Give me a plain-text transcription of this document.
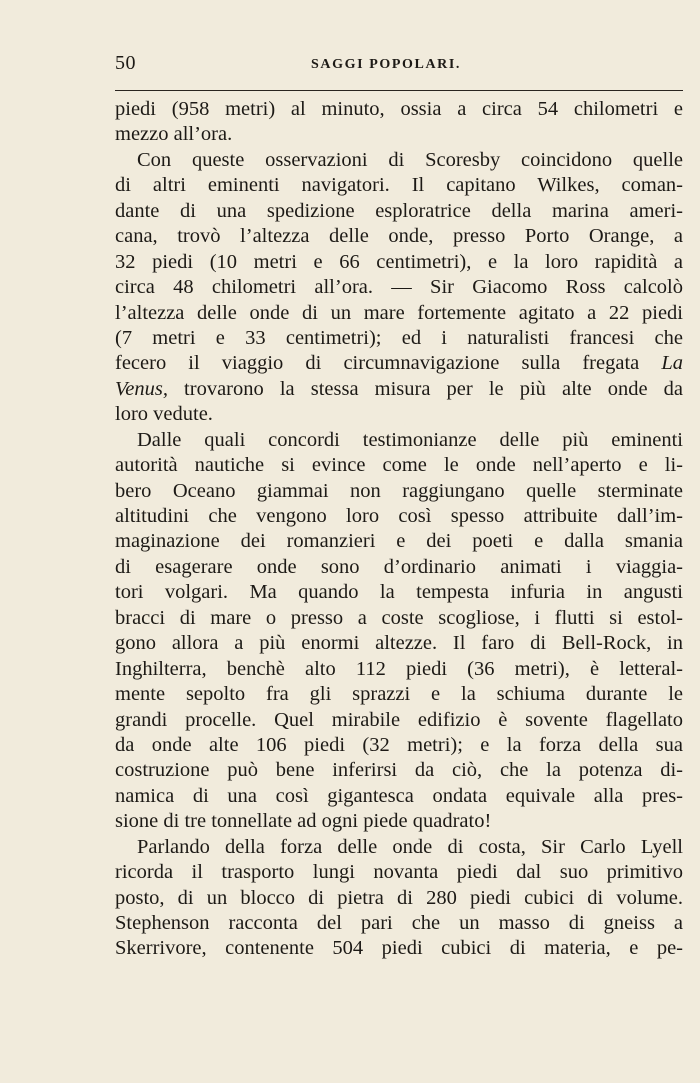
50	SAGGI POPOLARI.
piedi (958 metri) al minuto, ossia a circa 54 chilometri e
mezzo all’ora.
Con queste osservazioni di Scoresby coincidono quelle
di altri eminenti navigatori. Il capitano Wilkes, coman-
dante di una spedizione esploratrice della marina ameri-
cana, trovò l’altezza delle onde, presso Porto Orange, a
32 piedi (10 metri e 66 centimetri), e la loro rapidità a
circa 48 chilometri all’ora. — Sir Giacomo Ross calcolò
l’altezza delle onde di un mare fortemente agitato a 22 piedi
(7 metri e 33 centimetri); ed i naturalisti francesi che
fecero il viaggio di circumnavigazione sulla fregata La
Venus, trovarono la stessa misura per le più alte onde da
loro vedute.
Dalle quali concordi testimonianze delle più eminenti
autorità nautiche si evince come le onde nell’aperto e li-
bero Oceano giammai non raggiungano quelle sterminate
altitudini che vengono loro così spesso attribuite dall’im-
maginazione dei romanzieri e dei poeti e dalla smania
di esagerare onde sono d’ordinario animati i viaggia-
tori volgari. Ma quando la tempesta infuria in angusti
bracci di mare o presso a coste scogliose, i flutti si estol-
gono allora a più enormi altezze. Il faro di Bell-Rock, in
Inghilterra, benchè alto 112 piedi (36 metri), è letteral-
mente sepolto fra gli sprazzi e la schiuma durante le
grandi procelle. Quel mirabile edifizio è sovente flagellato
da onde alte 106 piedi (32 metri); e la forza della sua
costruzione può bene inferirsi da ciò, che la potenza di-
namica di una così gigantesca ondata equivale alla pres-
sione di tre tonnellate ad ogni piede quadrato!
Parlando della forza delle onde di costa, Sir Carlo Lyell
ricorda il trasporto lungi novanta piedi dal suo primitivo
posto, di un blocco di pietra di 280 piedi cubici di volume.
Stephenson racconta del pari che un masso di gneiss a
Skerrivore, contenente 504 piedi cubici di materia, e pe-
